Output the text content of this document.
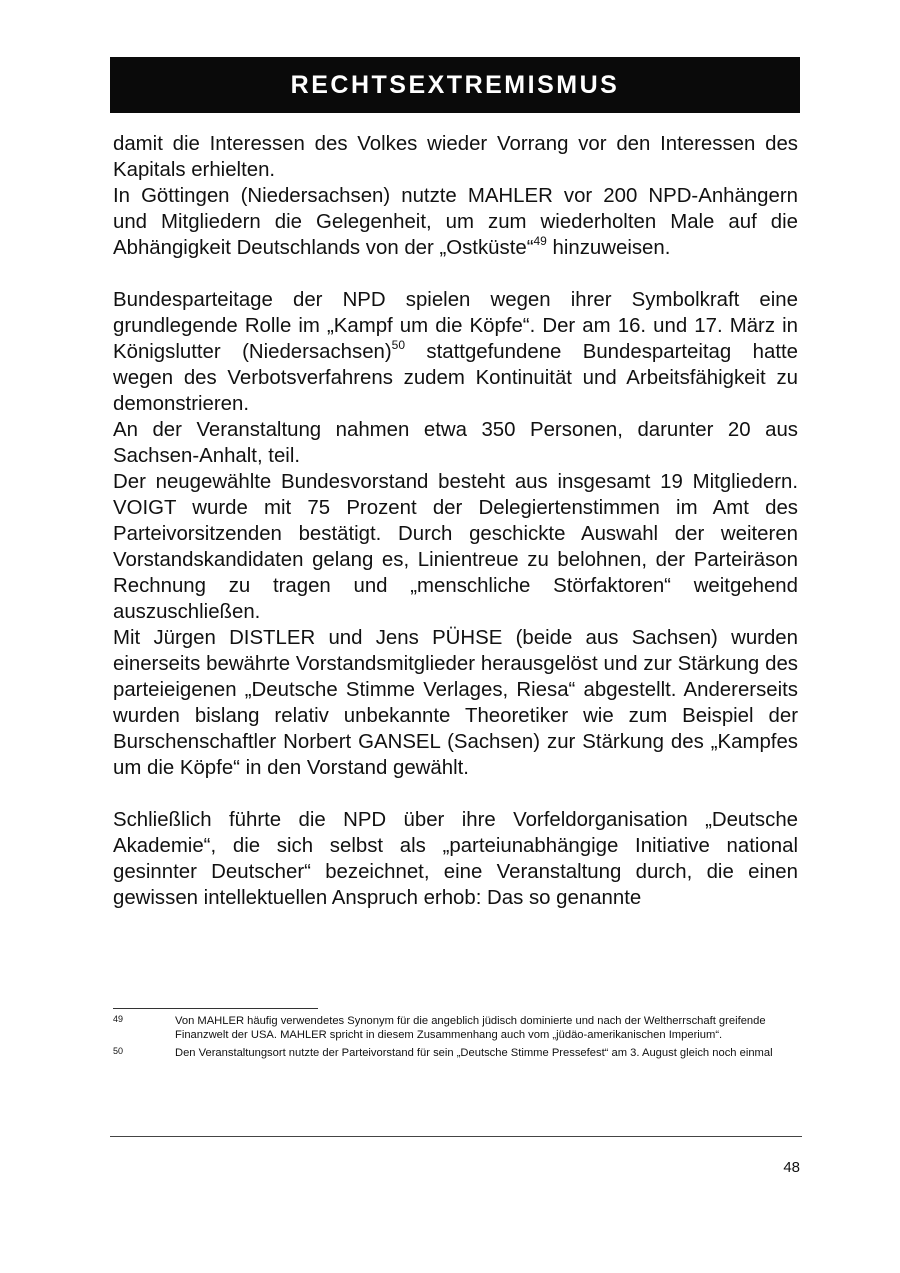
RECHTSEXTREMISMUS

damit die Interessen des Volkes wieder Vorrang vor den Interessen des Kapitals erhielten.

In Göttingen (Niedersachsen) nutzte MAHLER vor 200 NPD-Anhängern und Mitgliedern die Gelegenheit, um zum wiederholten Male auf die Abhängigkeit Deutschlands von der „Ostküste“$^{49}$ hinzuweisen.

Bundesparteitage der NPD spielen wegen ihrer Symbolkraft eine grundlegende Rolle im „Kampf um die Köpfe“. Der am 16. und 17. März in Königslutter (Niedersachsen)$^{50}$ stattgefundene Bundesparteitag hatte wegen des Verbotsverfahrens zudem Kontinuität und Arbeitsfähigkeit zu demonstrieren.

An der Veranstaltung nahmen etwa 350 Personen, darunter 20 aus Sachsen-Anhalt, teil.

Der neugewählte Bundesvorstand besteht aus insgesamt 19 Mitgliedern. VOIGT wurde mit 75 Prozent der Delegiertenstimmen im Amt des Parteivorsitzenden bestätigt. Durch geschickte Auswahl der weiteren Vorstandskandidaten gelang es, Linientreue zu belohnen, der Parteiräson Rechnung zu tragen und „menschliche Störfaktoren“ weitgehend auszuschließen.

Mit Jürgen DISTLER und Jens PÜHSE (beide aus Sachsen) wurden einerseits bewährte Vorstandsmitglieder herausgelöst und zur Stärkung des parteieigenen „Deutsche Stimme Verlages, Riesa“ abgestellt. Andererseits wurden bislang relativ unbekannte Theoretiker wie zum Beispiel der Burschenschaftler Norbert GANSEL (Sachsen) zur Stärkung des „Kampfes um die Köpfe“ in den Vorstand gewählt.

Schließlich führte die NPD über ihre Vorfeldorganisation „Deutsche Akademie“, die sich selbst als „parteiunabhängige Initiative national gesinnter Deutscher“ bezeichnet, eine Veranstaltung durch, die einen gewissen intellektuellen Anspruch erhob: Das so genannte

49	Von MAHLER häufig verwendetes Synonym für die angeblich jüdisch dominierte und nach der Weltherrschaft greifende Finanzwelt der USA. MAHLER spricht in diesem Zusammenhang auch vom „jüdäo-amerikanischen Imperium“.
50	Den Veranstaltungsort nutzte der Parteivorstand für sein „Deutsche Stimme Pressefest“ am 3. August gleich noch einmal
48
